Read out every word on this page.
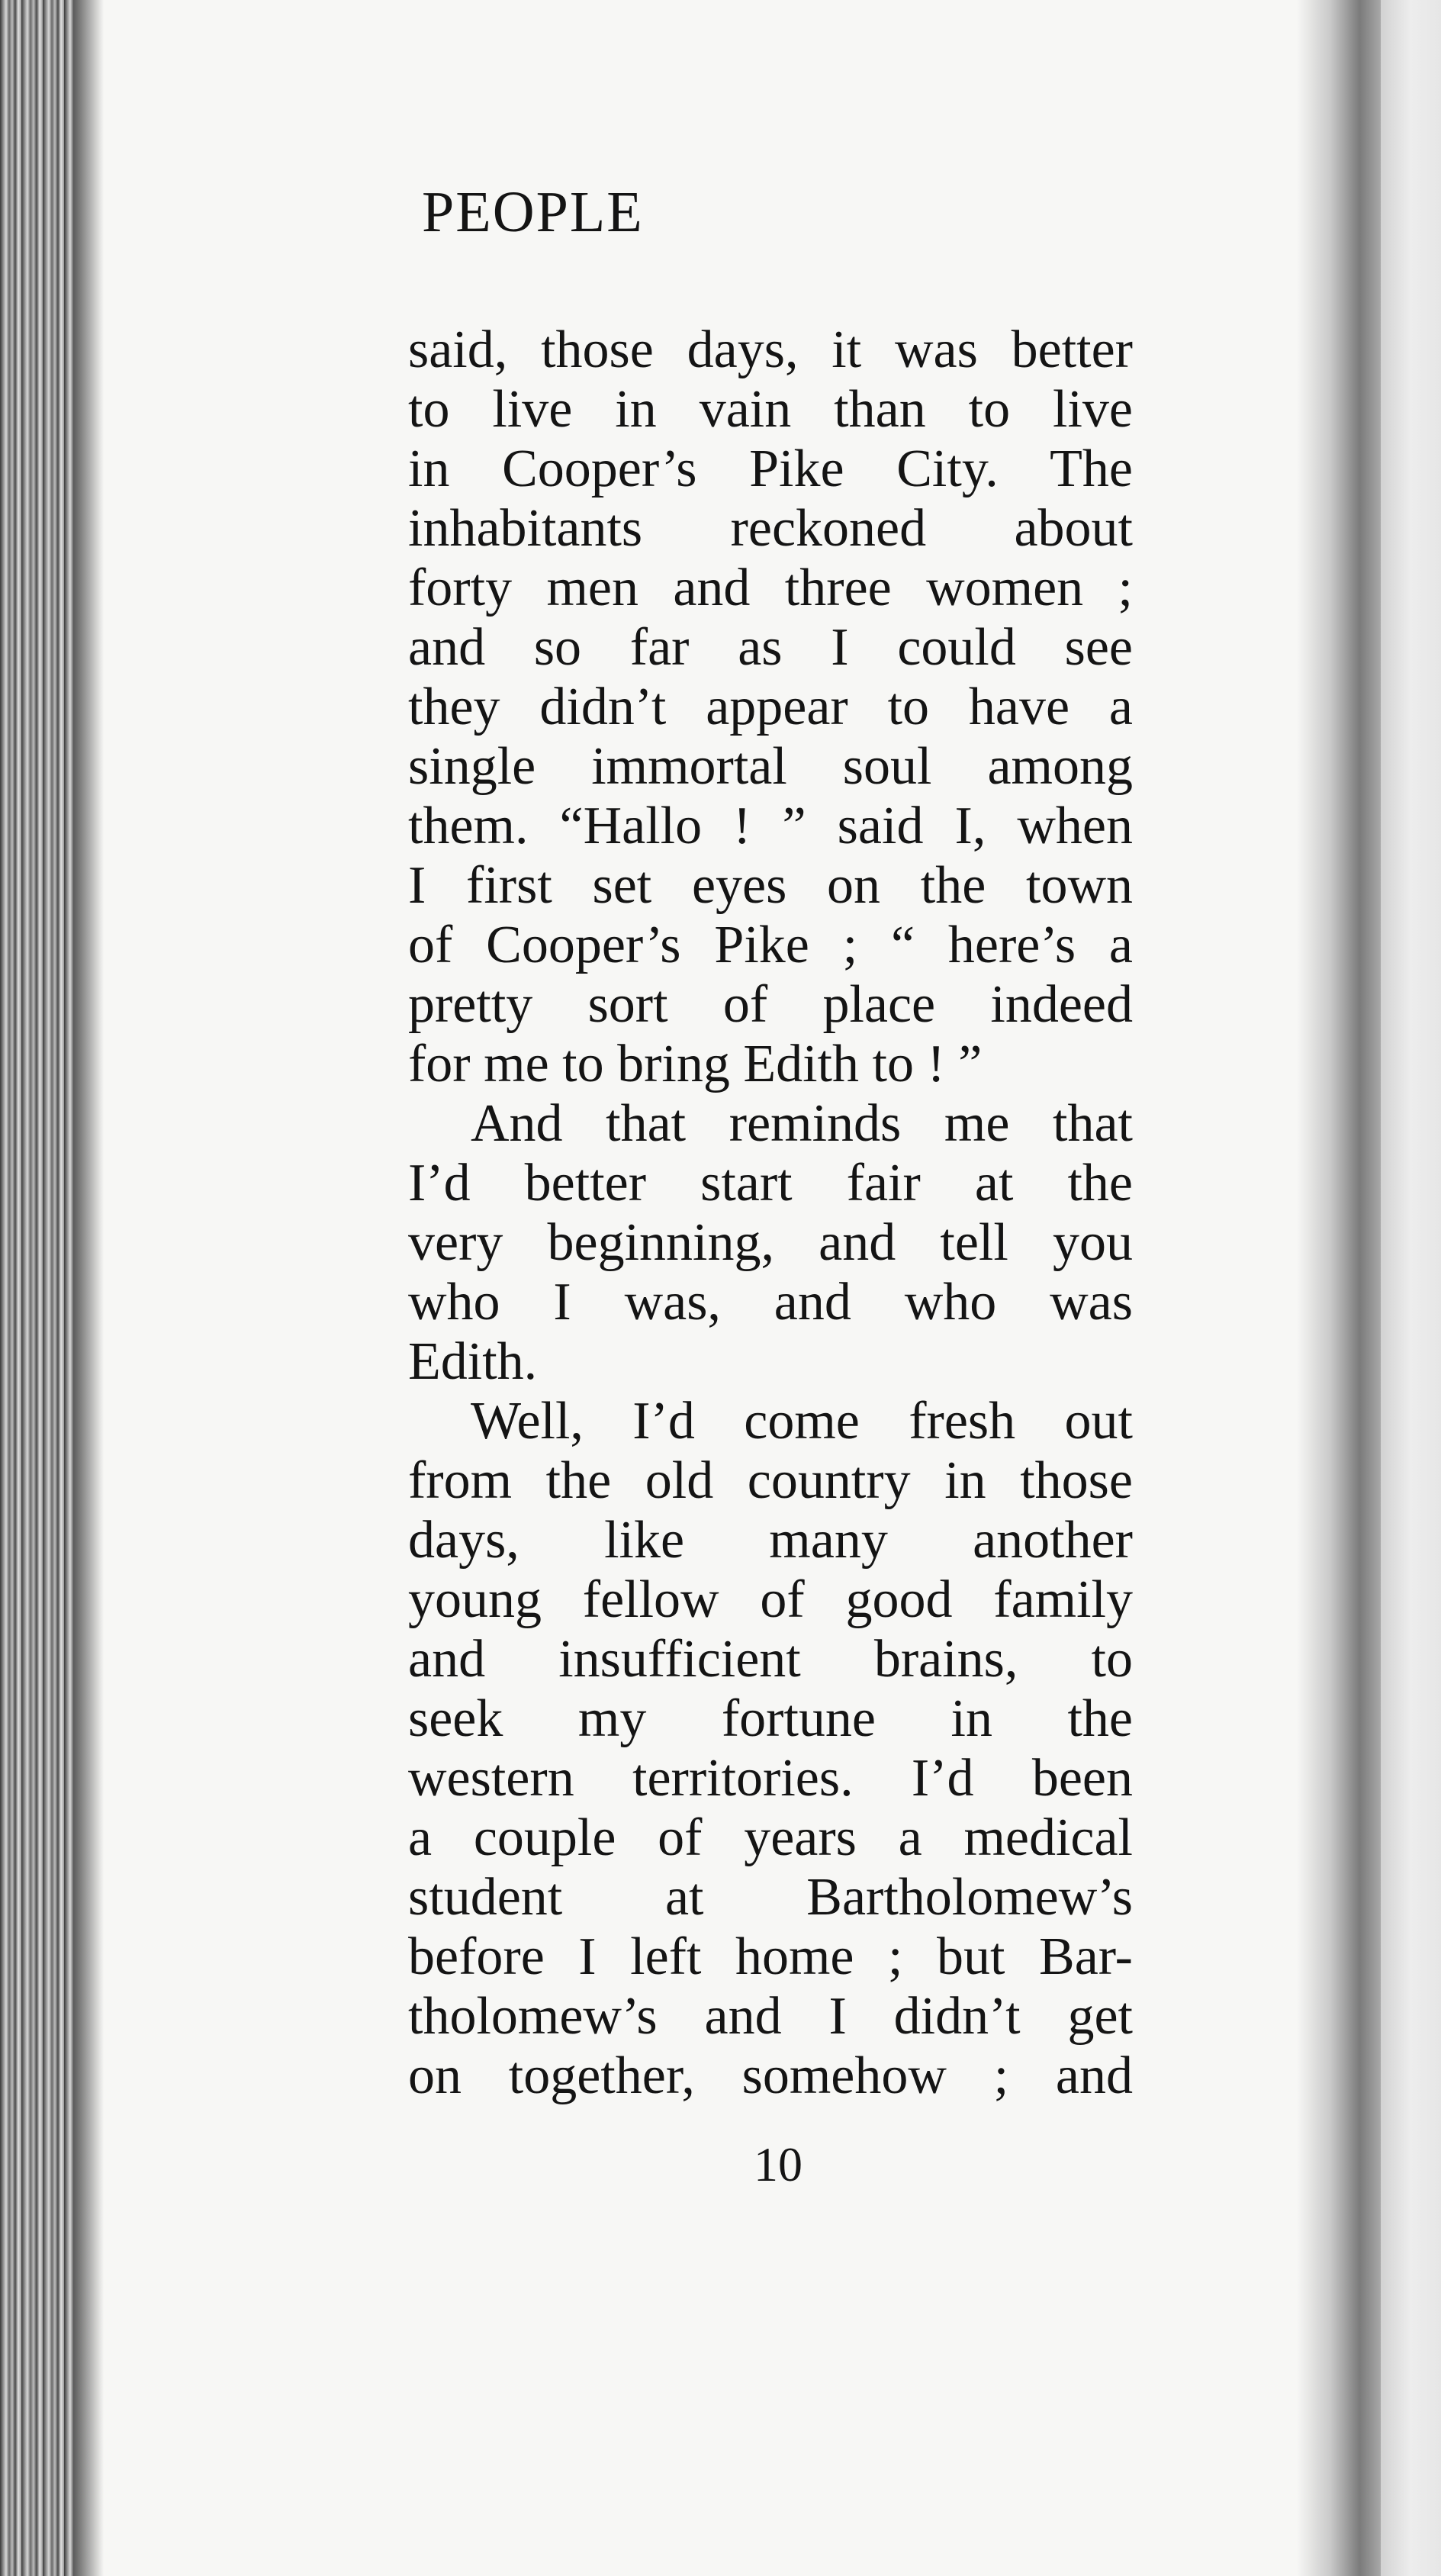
PEOPLE
said, those days, it was better
to live in vain than to live
in Cooper’s Pike City. The
inhabitants reckoned about
forty men and three women ;
and so far as I could see
they didn’t appear to have a
single immortal soul among
them. “Hallo ! ” said I, when
I first set eyes on the town
of Cooper’s Pike ; “ here’s a
pretty sort of place indeed
for me to bring Edith to ! ”
And that reminds me that
I’d better start fair at the
very beginning, and tell you
who I was, and who was
Edith.
Well, I’d come fresh out
from the old country in those
days, like many another
young fellow of good family
and insufficient brains, to
seek my fortune in the
western territories. I’d been
a couple of years a medical
student at Bartholomew’s
before I left home ; but Bar-
tholomew’s and I didn’t get
on together, somehow ; and
10
